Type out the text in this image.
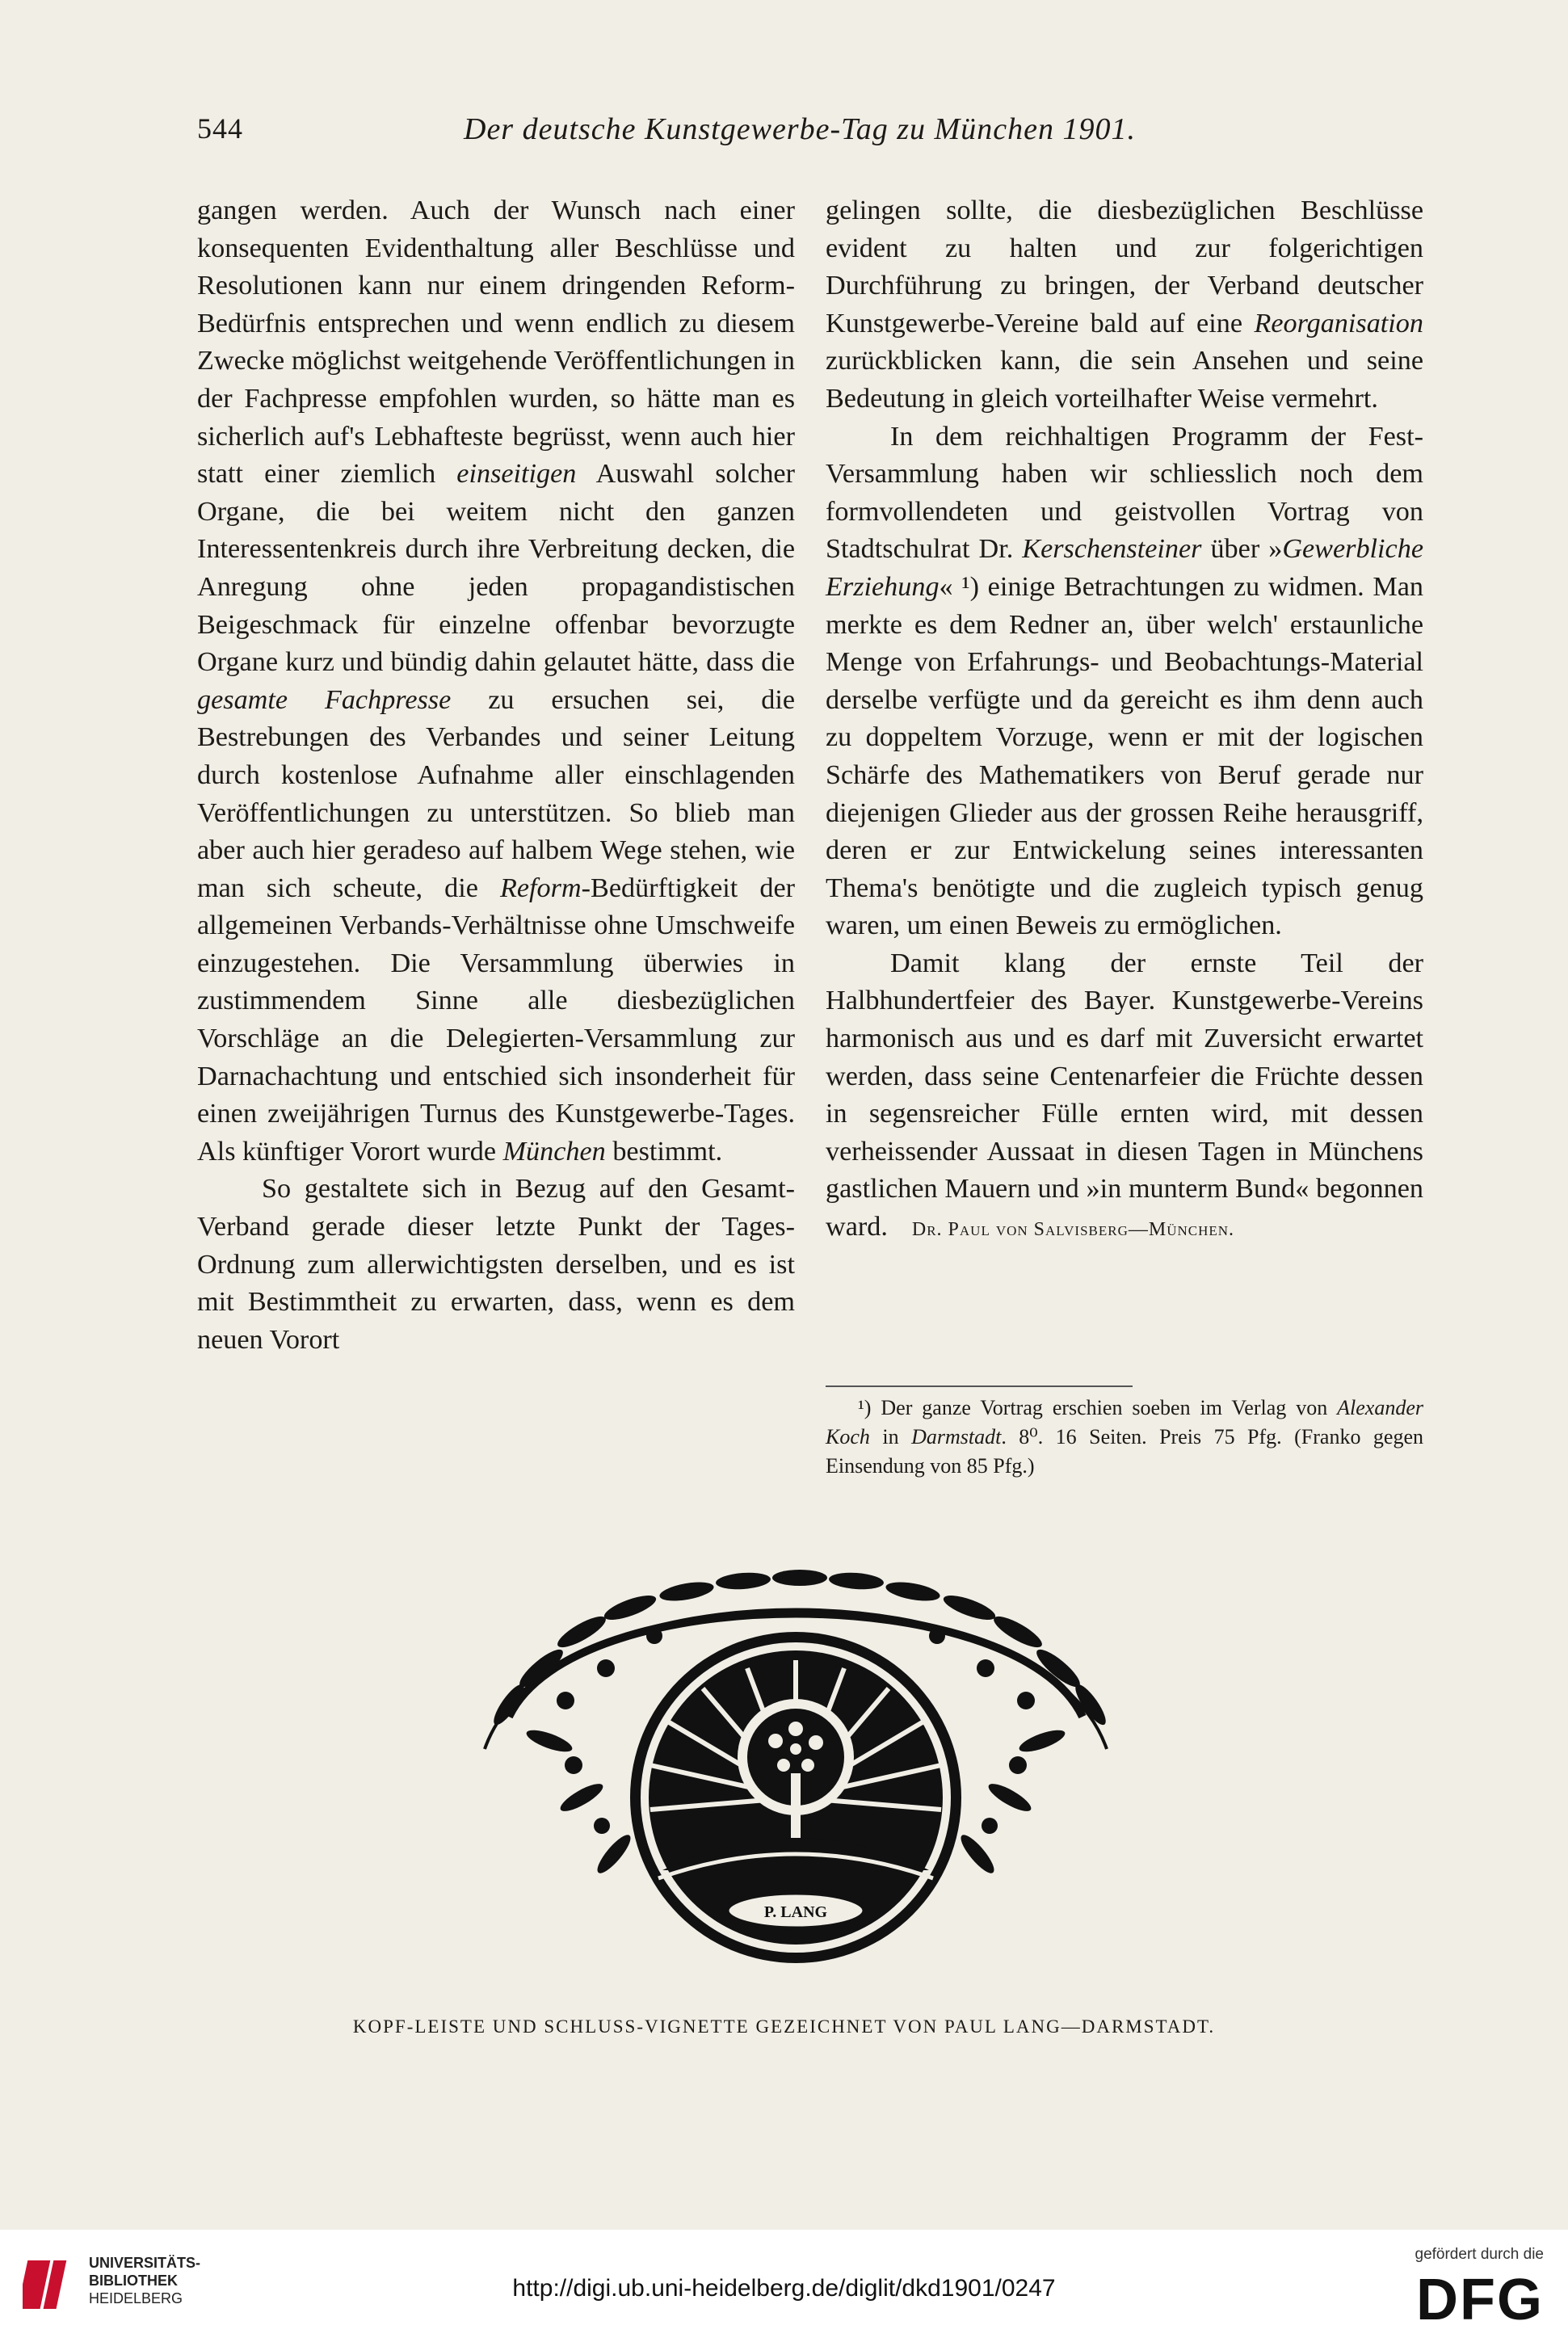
544	Der deutsche Kunstgewerbe-Tag zu München 1901.

gangen werden. Auch der Wunsch nach einer konsequenten Evidenthaltung aller Beschlüsse und Resolutionen kann nur einem dringenden Reform-Bedürfnis entsprechen und wenn endlich zu diesem Zwecke möglichst weitgehende Veröffentlichungen in der Fachpresse empfohlen wurden, so hätte man es sicherlich auf's Lebhafteste begrüsst, wenn auch hier statt einer ziemlich einseitigen Auswahl solcher Organe, die bei weitem nicht den ganzen Interessentenkreis durch ihre Verbreitung decken, die Anregung ohne jeden propagandistischen Beigeschmack für einzelne offenbar bevorzugte Organe kurz und bündig dahin gelautet hätte, dass die gesamte Fachpresse zu ersuchen sei, die Bestrebungen des Verbandes und seiner Leitung durch kostenlose Aufnahme aller einschlagenden Veröffentlichungen zu unterstützen. So blieb man aber auch hier geradeso auf halbem Wege stehen, wie man sich scheute, die Reform-Bedürftigkeit der allgemeinen Verbands-Verhältnisse ohne Umschweife einzugestehen. Die Versammlung überwies in zustimmendem Sinne alle diesbezüglichen Vorschläge an die Delegierten-Versammlung zur Darnachachtung und entschied sich insonderheit für einen zweijährigen Turnus des Kunstgewerbe-Tages. Als künftiger Vorort wurde München bestimmt.

So gestaltete sich in Bezug auf den Gesamt-Verband gerade dieser letzte Punkt der Tages-Ordnung zum allerwichtigsten derselben, und es ist mit Bestimmtheit zu erwarten, dass, wenn es dem neuen Vorort

gelingen sollte, die diesbezüglichen Beschlüsse evident zu halten und zur folgerichtigen Durchführung zu bringen, der Verband deutscher Kunstgewerbe-Vereine bald auf eine Reorganisation zurückblicken kann, die sein Ansehen und seine Bedeutung in gleich vorteilhafter Weise vermehrt.

In dem reichhaltigen Programm der Fest-Versammlung haben wir schliesslich noch dem formvollendeten und geistvollen Vortrag von Stadtschulrat Dr. Kerschensteiner über »Gewerbliche Erziehung« ¹) einige Betrachtungen zu widmen. Man merkte es dem Redner an, über welch' erstaunliche Menge von Erfahrungs- und Beobachtungs-Material derselbe verfügte und da gereicht es ihm denn auch zu doppeltem Vorzuge, wenn er mit der logischen Schärfe des Mathematikers von Beruf gerade nur diejenigen Glieder aus der grossen Reihe herausgriff, deren er zur Entwickelung seines interessanten Thema's benötigte und die zugleich typisch genug waren, um einen Beweis zu ermöglichen.

Damit klang der ernste Teil der Halbhundertfeier des Bayer. Kunstgewerbe-Vereins harmonisch aus und es darf mit Zuversicht erwartet werden, dass seine Centenarfeier die Früchte dessen in segensreicher Fülle ernten wird, mit dessen verheissender Aussaat in diesen Tagen in Münchens gastlichen Mauern und »in munterm Bund« begonnen ward. Dr. Paul von Salvisberg—München.

¹) Der ganze Vortrag erschien soeben im Verlag von Alexander Koch in Darmstadt. 8⁰. 16 Seiten. Preis 75 Pfg. (Franko gegen Einsendung von 85 Pfg.)

P. LANG
KOPF-LEISTE UND SCHLUSS-VIGNETTE GEZEICHNET VON PAUL LANG—DARMSTADT.
UNIVERSITÄTS-
BIBLIOTHEK
HEIDELBERG	http://digi.ub.uni-heidelberg.de/diglit/dkd1901/0247
gefördert durch die
DFG
